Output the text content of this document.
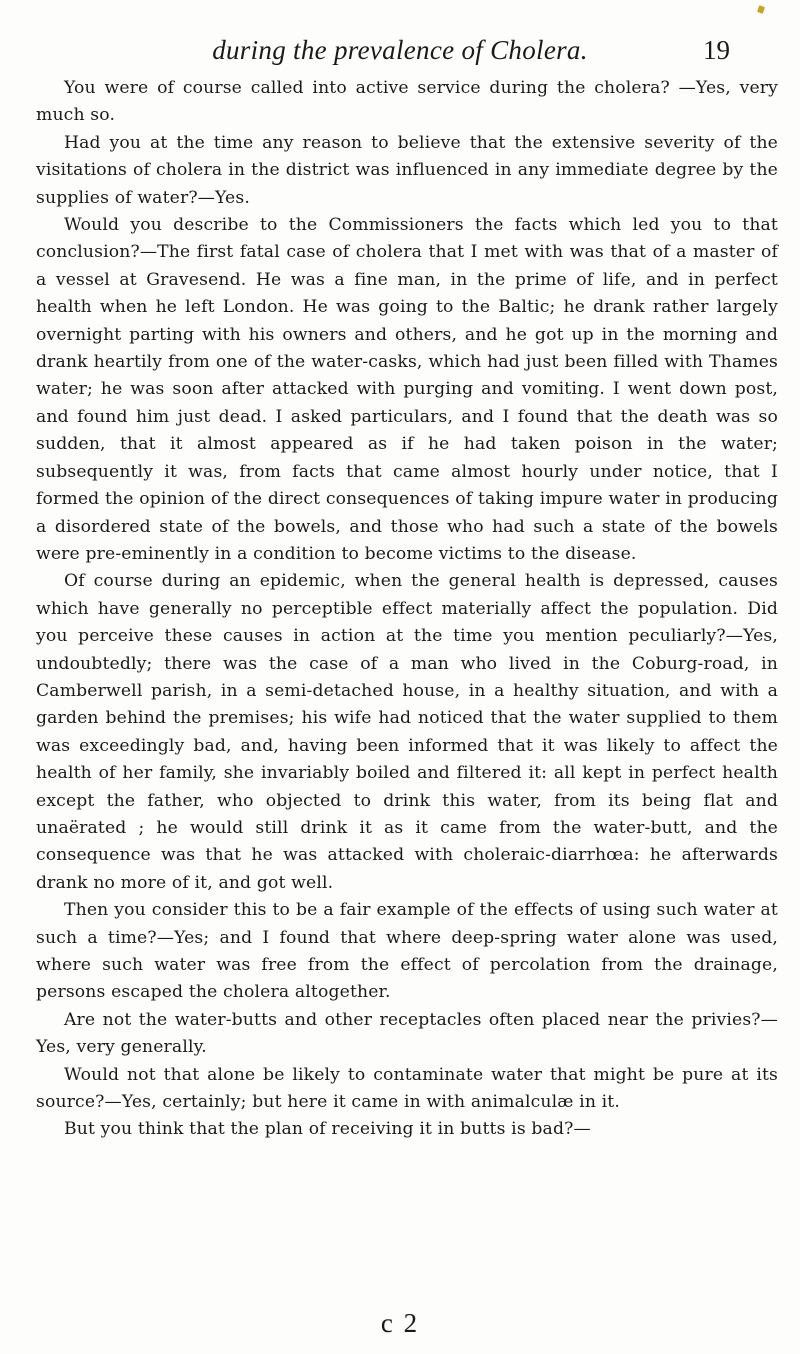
during the prevalence of Cholera.	19

You were of course called into active service during the cholera? —Yes, very much so.

Had you at the time any reason to believe that the extensive severity of the visitations of cholera in the district was influenced in any immediate degree by the supplies of water?—Yes.

Would you describe to the Commissioners the facts which led you to that conclusion?—The first fatal case of cholera that I met with was that of a master of a vessel at Gravesend. He was a fine man, in the prime of life, and in perfect health when he left London. He was going to the Baltic; he drank rather largely overnight parting with his owners and others, and he got up in the morning and drank heartily from one of the water-casks, which had just been filled with Thames water; he was soon after attacked with purging and vomiting. I went down post, and found him just dead. I asked particulars, and I found that the death was so sudden, that it almost appeared as if he had taken poison in the water; subsequently it was, from facts that came almost hourly under notice, that I formed the opinion of the direct consequences of taking impure water in producing a disordered state of the bowels, and those who had such a state of the bowels were pre-eminently in a condition to become victims to the disease.

Of course during an epidemic, when the general health is depressed, causes which have generally no perceptible effect materially affect the population. Did you perceive these causes in action at the time you mention peculiarly?—Yes, undoubtedly; there was the case of a man who lived in the Coburg-road, in Camberwell parish, in a semi-detached house, in a healthy situation, and with a garden behind the premises; his wife had noticed that the water supplied to them was exceedingly bad, and, having been informed that it was likely to affect the health of her family, she invariably boiled and filtered it: all kept in perfect health except the father, who objected to drink this water, from its being flat and unaërated ; he would still drink it as it came from the water-butt, and the consequence was that he was attacked with choleraic-diarrhœa: he afterwards drank no more of it, and got well.

Then you consider this to be a fair example of the effects of using such water at such a time?—Yes; and I found that where deep-spring water alone was used, where such water was free from the effect of percolation from the drainage, persons escaped the cholera altogether.

Are not the water-butts and other receptacles often placed near the privies?—Yes, very generally.

Would not that alone be likely to contaminate water that might be pure at its source?—Yes, certainly; but here it came in with animalculæ in it.

But you think that the plan of receiving it in butts is bad?—

c 2
